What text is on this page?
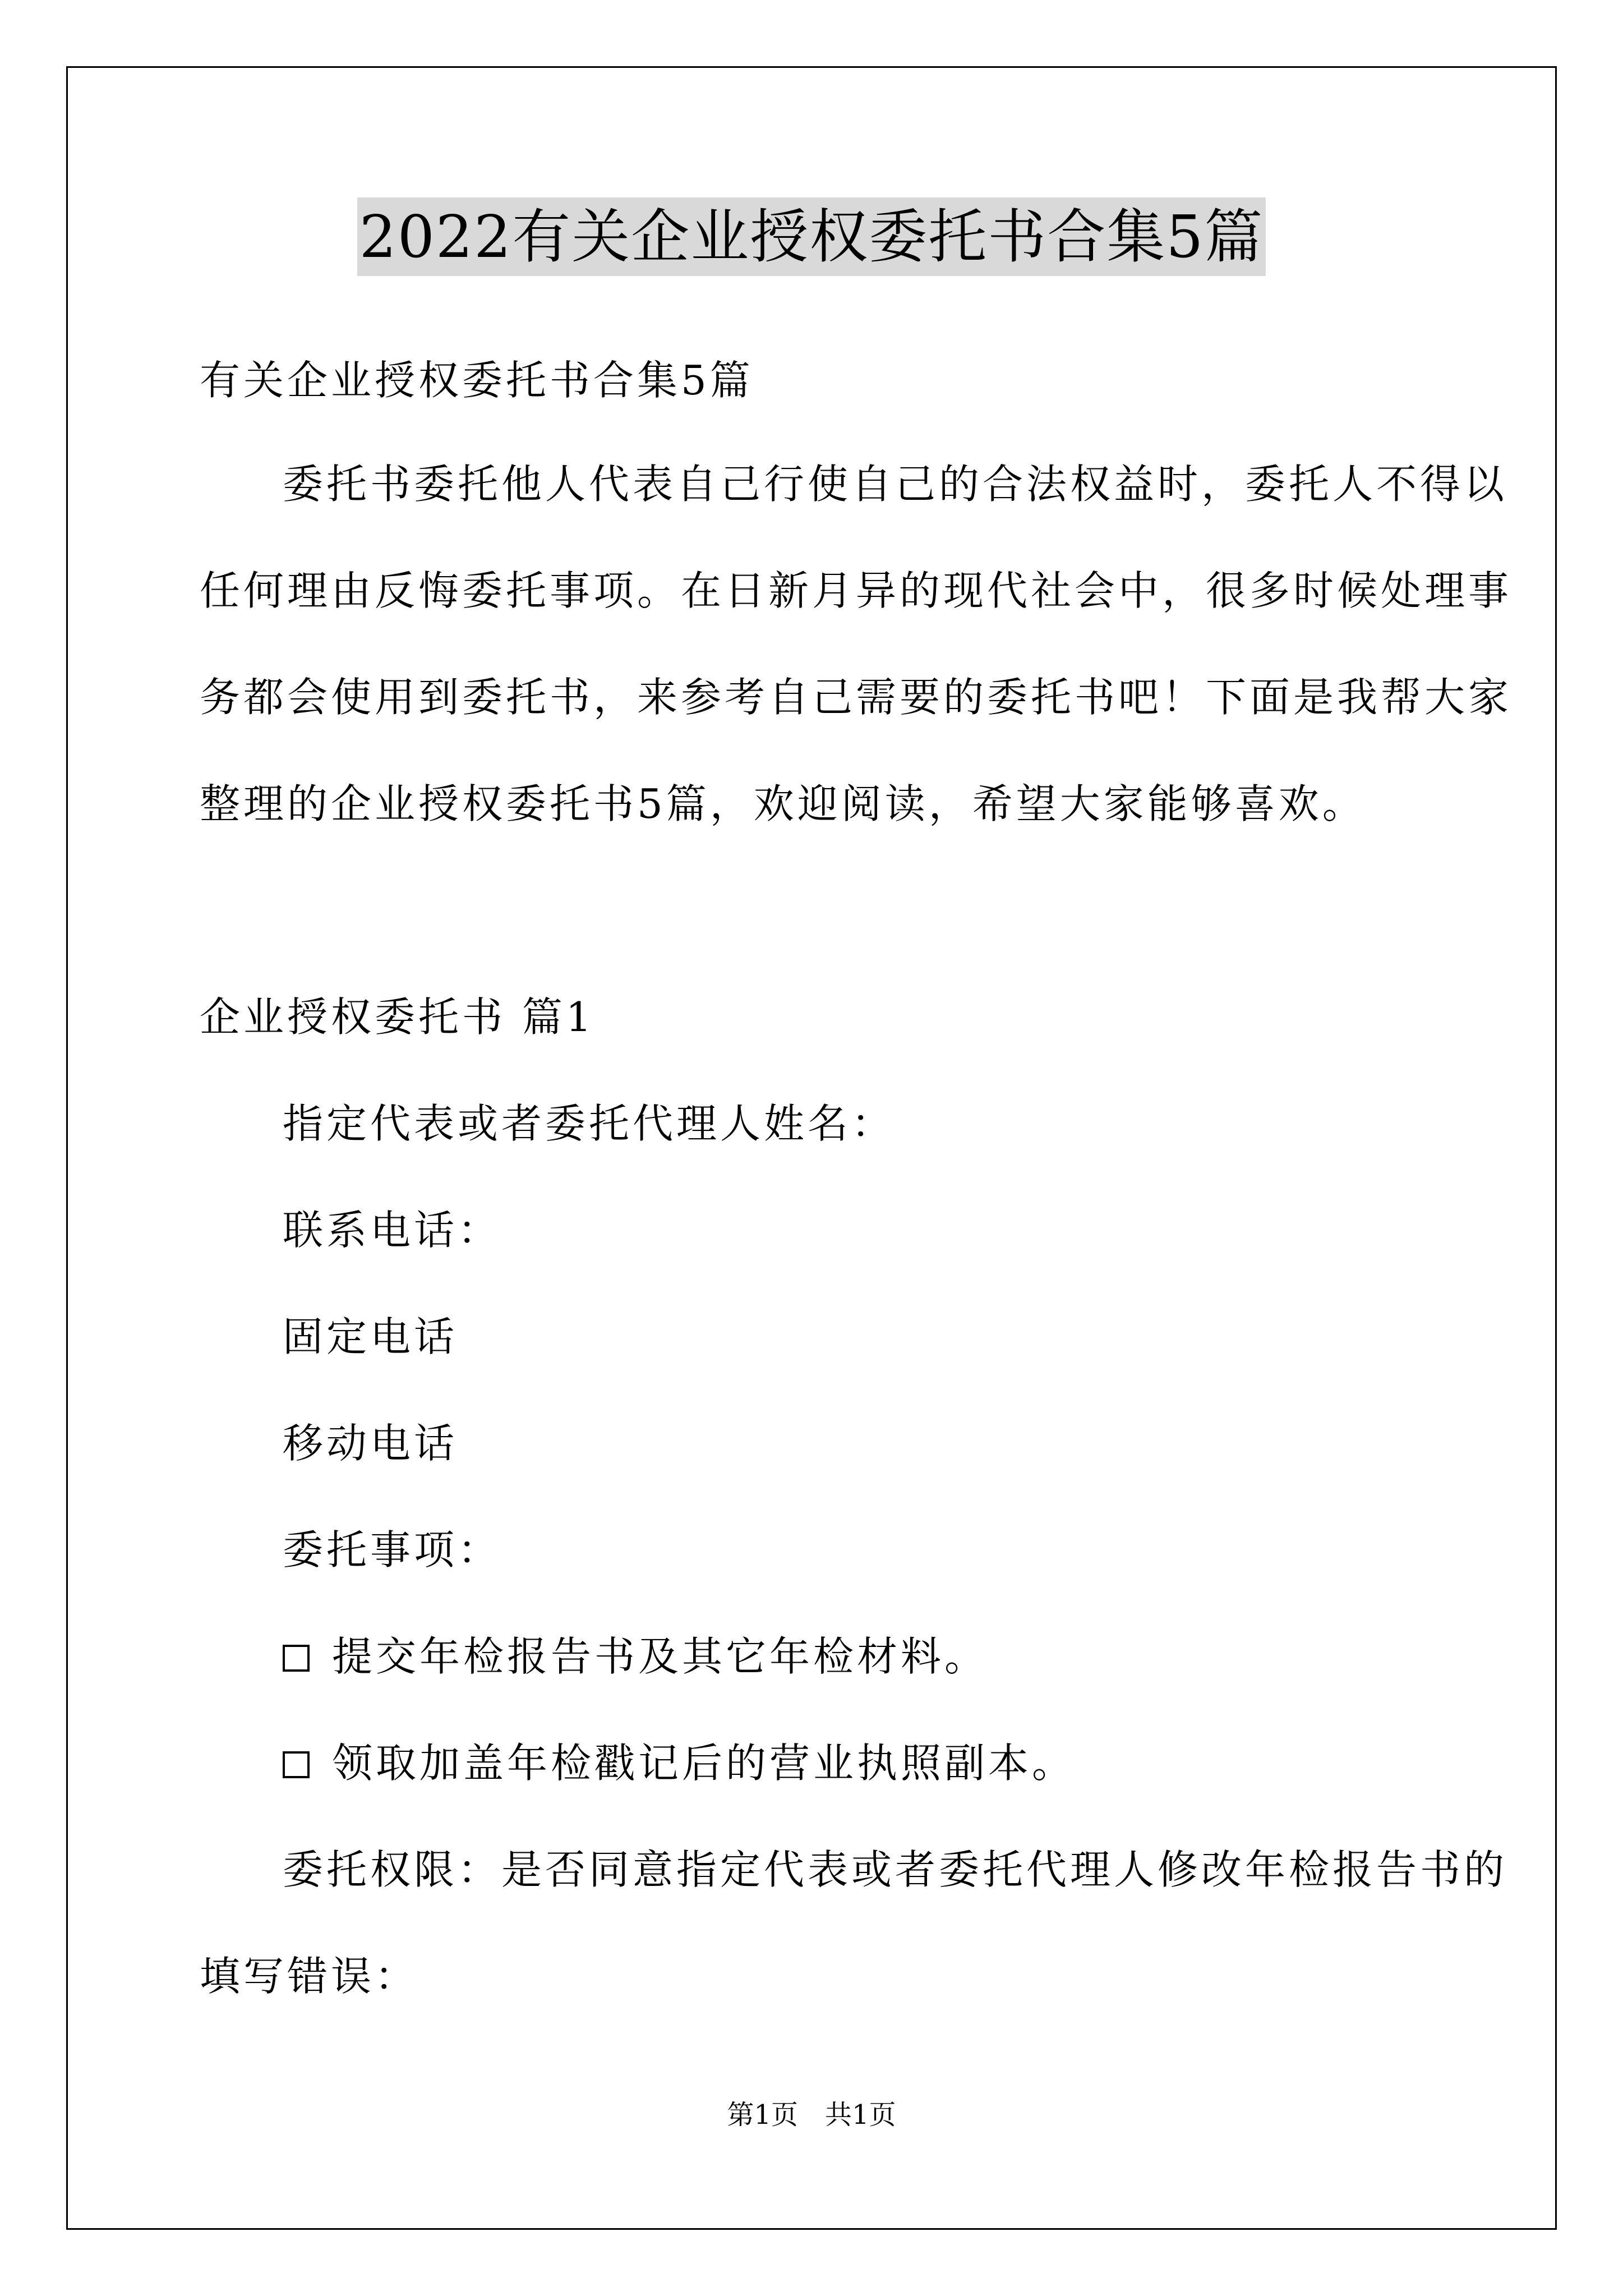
2022有关企业授权委托书合集5篇
有关企业授权委托书合集5篇
委托书委托他人代表自己行使自己的合法权益时，委托人不得以
任何理由反悔委托事项。在日新月异的现代社会中，很多时候处理事
务都会使用到委托书，来参考自己需要的委托书吧！下面是我帮大家
整理的企业授权委托书5篇，欢迎阅读，希望大家能够喜欢。
企业授权委托书 篇1
指定代表或者委托代理人姓名：
联系电话：
固定电话
移动电话
委托事项：
提交年检报告书及其它年检材料。
领取加盖年检戳记后的营业执照副本。
委托权限：是否同意指定代表或者委托代理人修改年检报告书的
填写错误：
第1页　共1页
